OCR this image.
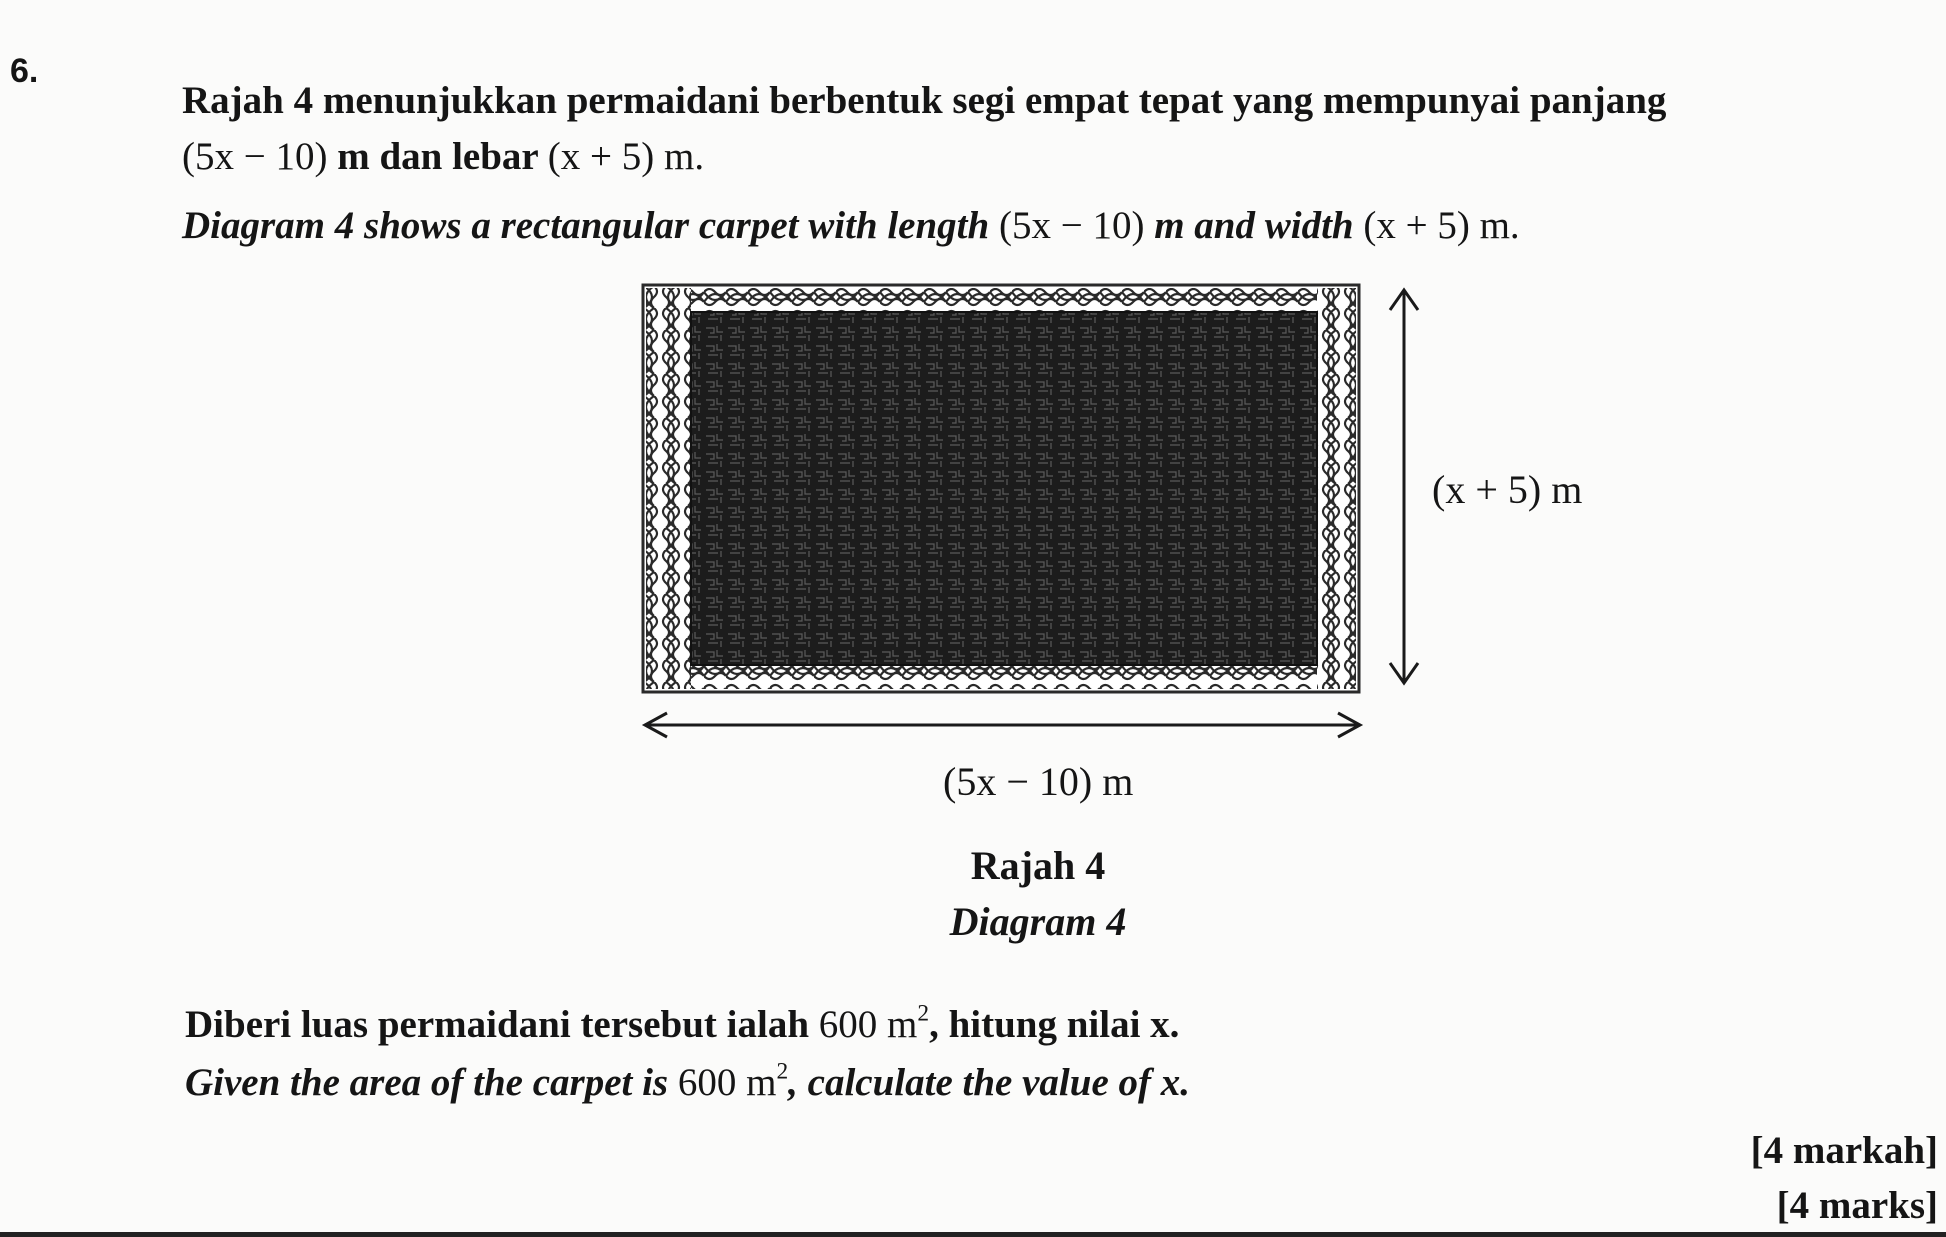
6.
Rajah 4 menunjukkan permaidani berbentuk segi empat tepat yang mempunyai panjang
(5x − 10) m dan lebar (x + 5) m.
Diagram 4 shows a rectangular carpet with length (5x − 10) m and width (x + 5) m.
(x + 5) m
(5x − 10) m
Rajah 4
Diagram 4
Diberi luas permaidani tersebut ialah 600 $m^2$, hitung nilai x.
Given the area of the carpet is 600 $m^2$, calculate the value of x.
[4 markah]
[4 marks]
